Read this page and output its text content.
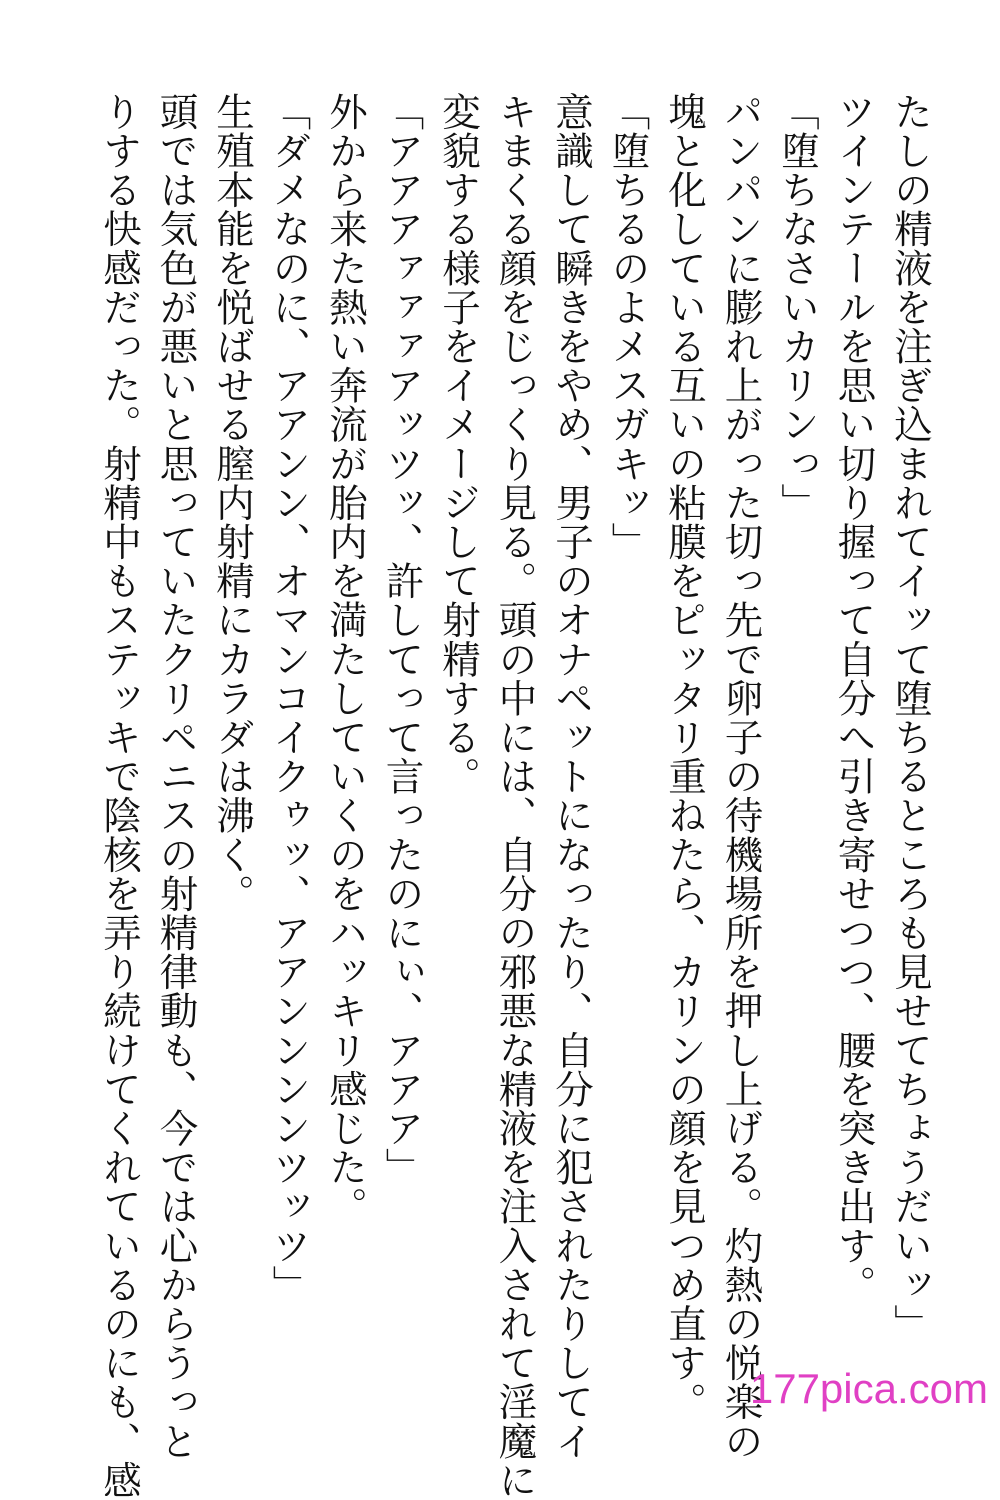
たしの精液を注ぎ込まれてイッて堕ちるところも見せてちょうだいッ」
ツインテールを思い切り握って自分へ引き寄せつつ、腰を突き出す。
「堕ちなさいカリンっ」
パンパンに膨れ上がった切っ先で卵子の待機場所を押し上げる。灼熱の悦楽の
塊と化している互いの粘膜をピッタリ重ねたら、カリンの顔を見つめ直す。
「堕ちるのよメスガキッ」
意識して瞬きをやめ、男子のオナペットになったり、自分に犯されたりしてイ
キまくる顔をじっくり見る。頭の中には、自分の邪悪な精液を注入されて淫魔に
変貌する様子をイメージして射精する。
「アアアァァァアッツッ、許してって言ったのにぃ、アアア」
外から来た熱い奔流が胎内を満たしていくのをハッキリ感じた。
「ダメなのに、アアンン、オマンコイクゥッ、アアンンンンツッツ」
生殖本能を悦ばせる膣内射精にカラダは沸く。
頭では気色が悪いと思っていたクリペニスの射精律動も、今では心からうっと
りする快感だった。射精中もステッキで陰核を弄り続けてくれているのにも、感	177pica.com
